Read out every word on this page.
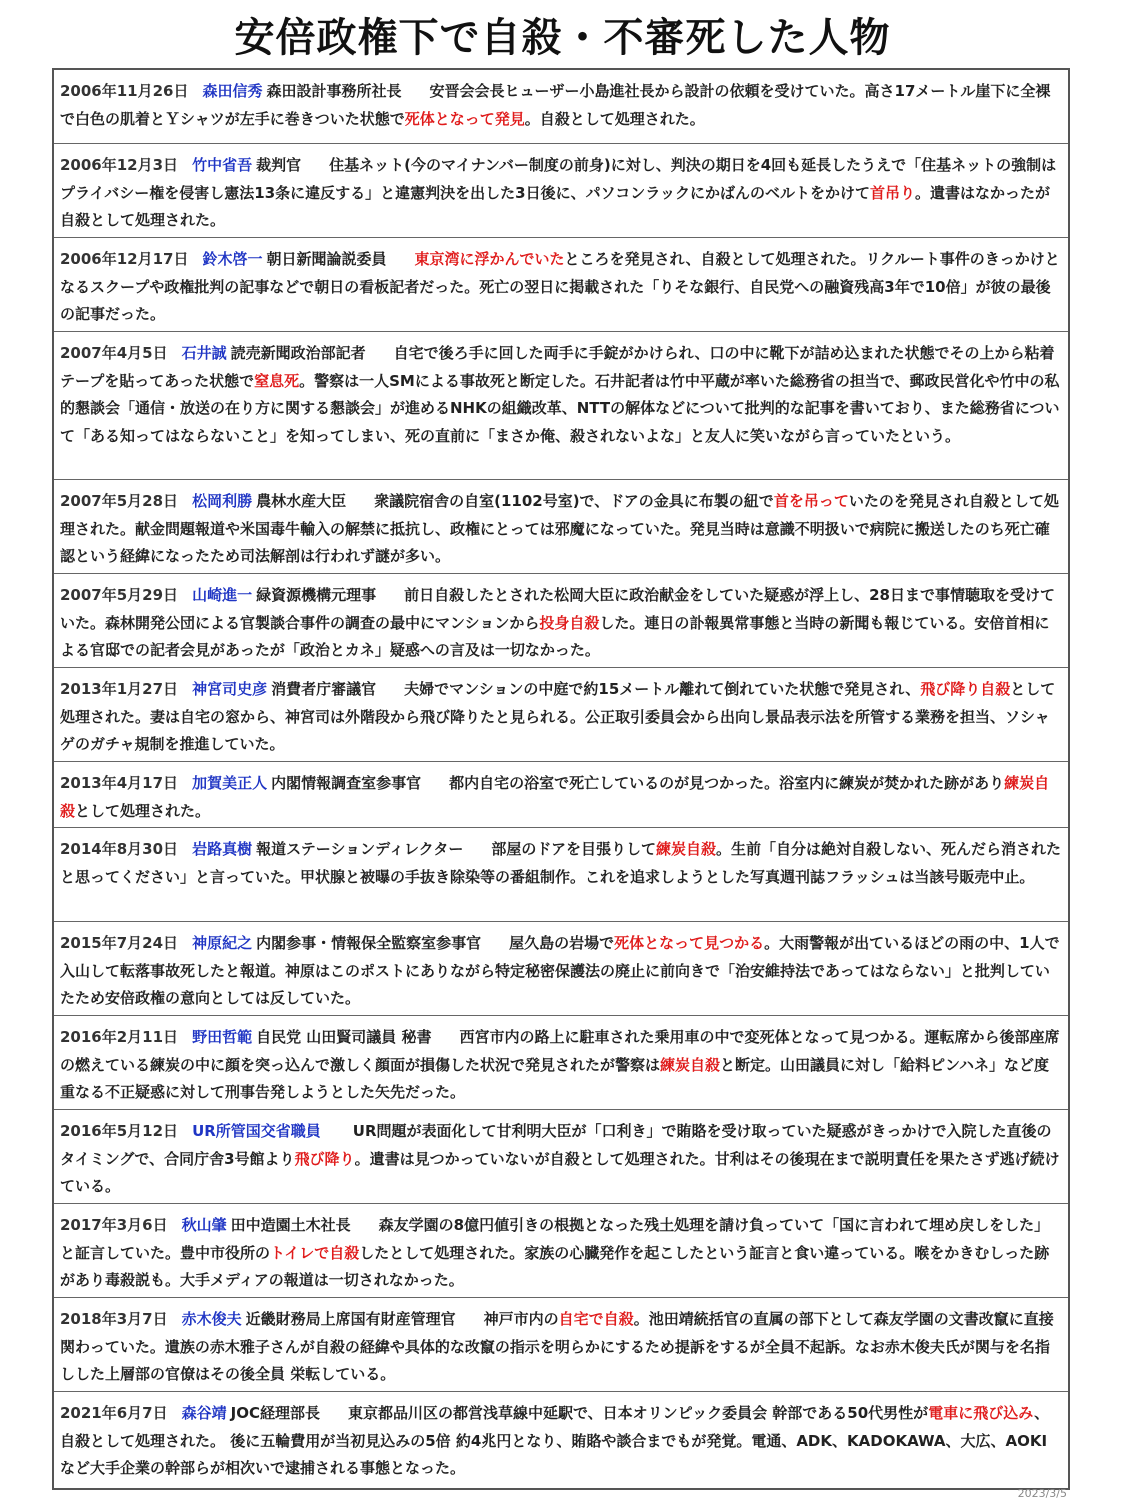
安倍政権下で自殺・不審死した人物
2006年11月26日 森田信秀 森田設計事務所社長 安晋会会長ヒューザー小島進社長から設計の依頼を受けていた。高さ17メートル崖下に全裸で白色の肌着とＹシャツが左手に巻きついた状態で死体となって発見。自殺として処理された。
2006年12月3日 竹中省吾 裁判官 住基ネット(今のマイナンバー制度の前身)に対し、判決の期日を4回も延長したうえで「住基ネットの強制はプライバシー権を侵害し憲法13条に違反する」と違憲判決を出した3日後に、パソコンラックにかばんのベルトをかけて首吊り。遺書はなかったが自殺として処理された。
2006年12月17日 鈴木啓一 朝日新聞論説委員 東京湾に浮かんでいたところを発見され、自殺として処理された。リクルート事件のきっかけとなるスクープや政権批判の記事などで朝日の看板記者だった。死亡の翌日に掲載された「りそな銀行、自民党への融資残高3年で10倍」が彼の最後の記事だった。
2007年4月5日 石井誠 読売新聞政治部記者 自宅で後ろ手に回した両手に手錠がかけられ、口の中に靴下が詰め込まれた状態でその上から粘着テープを貼ってあった状態で窒息死。警察は一人SMによる事故死と断定した。石井記者は竹中平蔵が率いた総務省の担当で、郵政民営化や竹中の私的懇談会「通信・放送の在り方に関する懇談会」が進めるNHKの組織改革、NTTの解体などについて批判的な記事を書いており、また総務省について「ある知ってはならないこと」を知ってしまい、死の直前に「まさか俺、殺されないよな」と友人に笑いながら言っていたという。
2007年5月28日 松岡利勝 農林水産大臣 衆議院宿舎の自室(1102号室)で、ドアの金具に布製の紐で首を吊っていたのを発見され自殺として処理された。献金問題報道や米国毒牛輸入の解禁に抵抗し、政権にとっては邪魔になっていた。発見当時は意識不明扱いで病院に搬送したのち死亡確認という経緯になったため司法解剖は行われず謎が多い。
2007年5月29日 山崎進一 緑資源機構元理事 前日自殺したとされた松岡大臣に政治献金をしていた疑惑が浮上し、28日まで事情聴取を受けていた。森林開発公団による官製談合事件の調査の最中にマンションから投身自殺した。連日の訃報異常事態と当時の新聞も報じている。安倍首相による官邸での記者会見があったが「政治とカネ」疑惑への言及は一切なかった。
2013年1月27日 神宮司史彦 消費者庁審議官 夫婦でマンションの中庭で約15メートル離れて倒れていた状態で発見され、飛び降り自殺として処理された。妻は自宅の窓から、神宮司は外階段から飛び降りたと見られる。公正取引委員会から出向し景品表示法を所管する業務を担当、ソシャゲのガチャ規制を推進していた。
2013年4月17日 加賀美正人 内閣情報調査室参事官 都内自宅の浴室で死亡しているのが見つかった。浴室内に練炭が焚かれた跡があり練炭自殺として処理された。
2014年8月30日 岩路真樹 報道ステーションディレクター 部屋のドアを目張りして練炭自殺。生前「自分は絶対自殺しない、死んだら消されたと思ってください」と言っていた。甲状腺と被曝の手抜き除染等の番組制作。これを追求しようとした写真週刊誌フラッシュは当該号販売中止。
2015年7月24日 神原紀之 内閣参事・情報保全監察室参事官 屋久島の岩場で死体となって見つかる。大雨警報が出ているほどの雨の中、1人で入山して転落事故死したと報道。神原はこのポストにありながら特定秘密保護法の廃止に前向きで「治安維持法であってはならない」と批判していたため安倍政権の意向としては反していた。
2016年2月11日 野田哲範 自民党 山田賢司議員 秘書 西宮市内の路上に駐車された乗用車の中で変死体となって見つかる。運転席から後部座席の燃えている練炭の中に顔を突っ込んで激しく顔面が損傷した状況で発見されたが警察は練炭自殺と断定。山田議員に対し「給料ピンハネ」など度重なる不正疑惑に対して刑事告発しようとした矢先だった。
2016年5月12日 UR所管国交省職員 UR問題が表面化して甘利明大臣が「口利き」で賄賂を受け取っていた疑惑がきっかけで入院した直後のタイミングで、合同庁舎3号館より飛び降り。遺書は見つかっていないが自殺として処理された。甘利はその後現在まで説明責任を果たさず逃げ続けている。
2017年3月6日 秋山肇 田中造園土木社長 森友学園の8億円値引きの根拠となった残土処理を請け負っていて「国に言われて埋め戻しをした」と証言していた。豊中市役所のトイレで自殺したとして処理された。家族の心臓発作を起こしたという証言と食い違っている。喉をかきむしった跡があり毒殺説も。大手メディアの報道は一切されなかった。
2018年3月7日 赤木俊夫 近畿財務局上席国有財産管理官 神戸市内の自宅で自殺。池田靖統括官の直属の部下として森友学園の文書改竄に直接関わっていた。遺族の赤木雅子さんが自殺の経緯や具体的な改竄の指示を明らかにするため提訴をするが全員不起訴。なお赤木俊夫氏が関与を名指しした上層部の官僚はその後全員 栄転している。
2021年6月7日 森谷靖 JOC経理部長 東京都品川区の都営浅草線中延駅で、日本オリンピック委員会 幹部である50代男性が電車に飛び込み、自殺として処理された。 後に五輪費用が当初見込みの5倍 約4兆円となり、賄賂や談合までもが発覚。電通、ADK、KADOKAWA、大広、AOKIなど大手企業の幹部らが相次いで逮捕される事態となった。
2023/3/5
